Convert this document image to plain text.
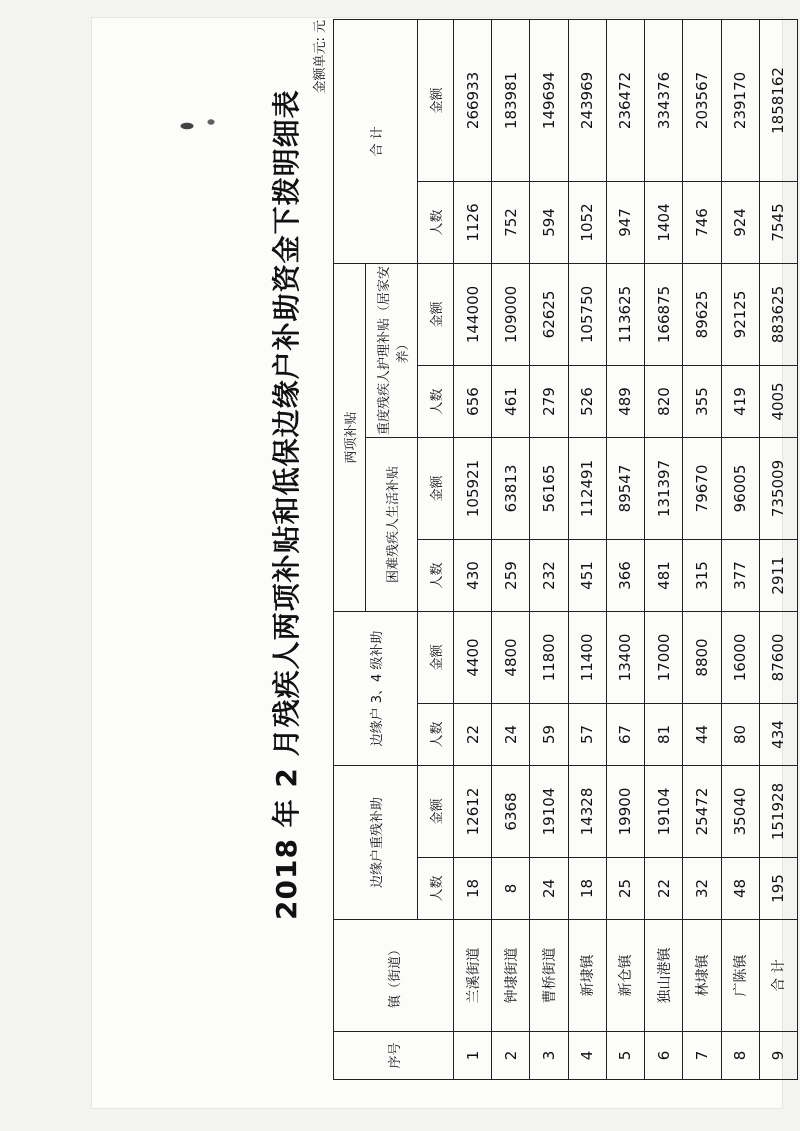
2018 年 2 月残疾人两项补贴和低保边缘户补助资金下拨明细表
金额单元: 元
序号	镇（街道）	边缘户重残补助		边缘户 3、4 级补助		两项补贴				合 计	
						困难残疾人生活补贴		重度残疾人护理补贴（居家安养）			
		人数	金额	人数	金额	人数	金额	人数	金额	人数	金额
1	兰溪街道	18	12612	22	4400	430	105921	656	144000	1126	266933
2	钟埭街道	8	6368	24	4800	259	63813	461	109000	752	183981
3	曹桥街道	24	19104	59	11800	232	56165	279	62625	594	149694
4	新埭镇	18	14328	57	11400	451	112491	526	105750	1052	243969
5	新仓镇	25	19900	67	13400	366	89547	489	113625	947	236472
6	独山港镇	22	19104	81	17000	481	131397	820	166875	1404	334376
7	林埭镇	32	25472	44	8800	315	79670	355	89625	746	203567
8	广陈镇	48	35040	80	16000	377	96005	419	92125	924	239170
9	合 计	195	151928	434	87600	2911	735009	4005	883625	7545	1858162
